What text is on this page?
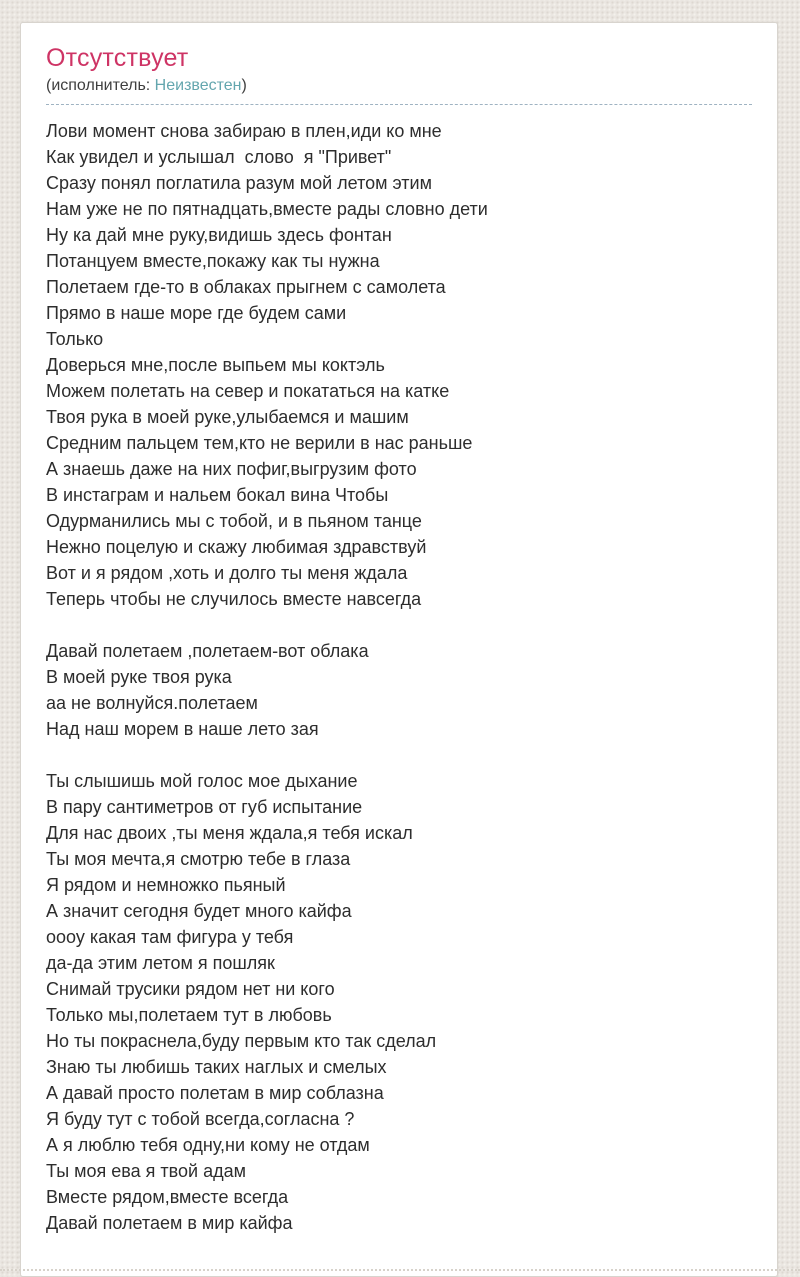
Отсутствует
(исполнитель: Неизвестен)
Лови момент снова забираю в плен,иди ко мне
Как увидел и услышал  слово  я "Привет"
Сразу понял поглатила разум мой летом этим
Нам уже не по пятнадцать,вместе рады словно дети
Ну ка дай мне руку,видишь здесь фонтан
Потанцуем вместе,покажу как ты нужна
Полетаем где-то в облаках прыгнем с самолета
Прямо в наше море где будем сами
Только
Доверься мне,после выпьем мы коктэль
Можем полетать на север и покататься на катке
Твоя рука в моей руке,улыбаемся и машим
Средним пальцем тем,кто не верили в нас раньше
А знаешь даже на них пофиг,выгрузим фото
В инстаграм и нальем бокал вина Чтобы
Одурманились мы с тобой, и в пьяном танце
Нежно поцелую и скажу любимая здравствуй
Вот и я рядом ,хоть и долго ты меня ждала
Теперь чтобы не случилось вместе навсегда
Давай полетаем ,полетаем-вот облака
В моей руке твоя рука
аа не волнуйся.полетаем
Над наш морем в наше лето зая
Ты слышишь мой голос мое дыхание
В пару сантиметров от губ испытание
Для нас двоих ,ты меня ждала,я тебя искал
Ты моя мечта,я смотрю тебе в глаза
Я рядом и немножко пьяный
А значит сегодня будет много кайфа
оооу какая там фигура у тебя
да-да этим летом я пошляк
Снимай трусики рядом нет ни кого
Только мы,полетаем тут в любовь
Но ты покраснела,буду первым кто так сделал
Знаю ты любишь таких наглых и смелых
А давай просто полетам в мир соблазна
Я буду тут с тобой всегда,согласна ?
А я люблю тебя одну,ни кому не отдам
Ты моя ева я твой адам
Вместе рядом,вместе всегда
Давай полетаем в мир кайфа
